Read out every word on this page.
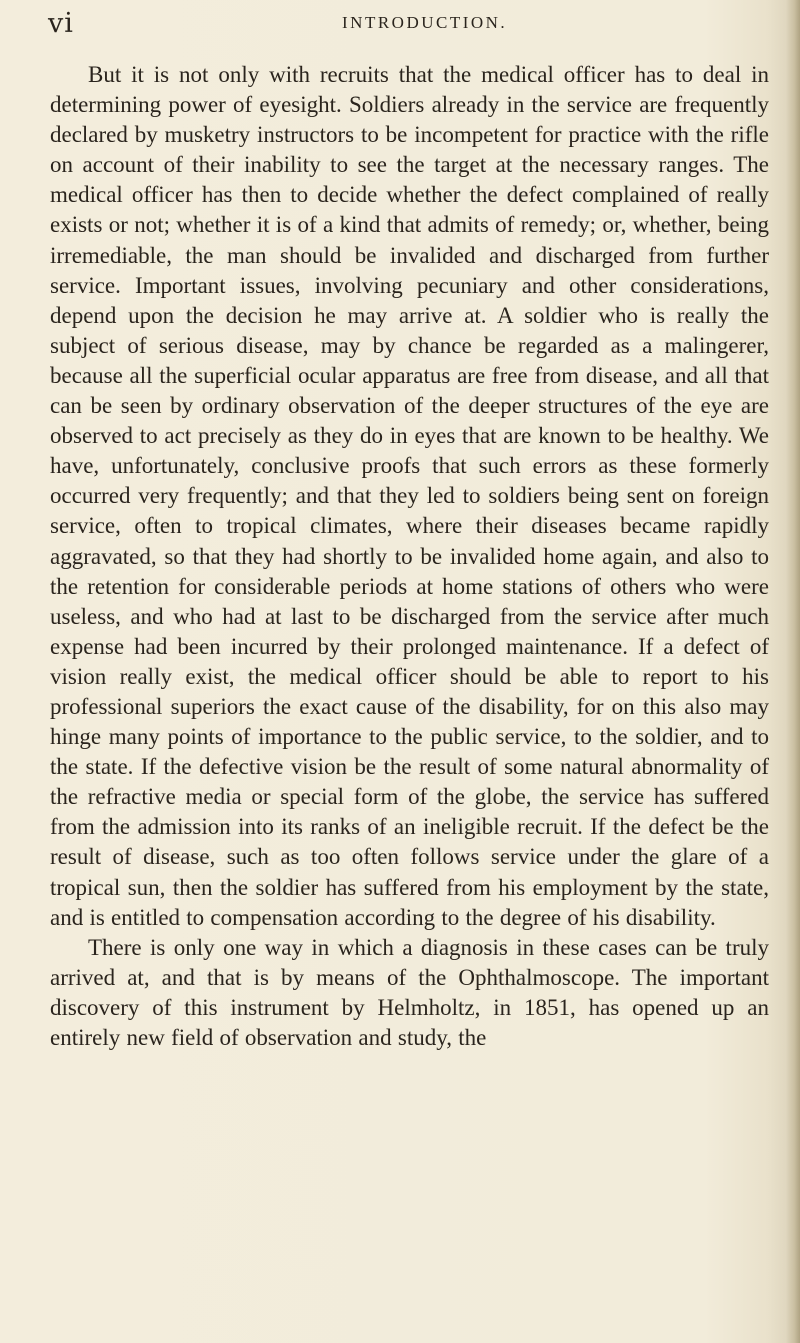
vi	INTRODUCTION.

But it is not only with recruits that the medical officer has to deal in determining power of eyesight. Soldiers already in the service are frequently declared by musketry instructors to be incompetent for practice with the rifle on account of their inability to see the target at the necessary ranges. The medical officer has then to decide whether the defect complained of really exists or not; whether it is of a kind that admits of remedy; or, whether, being irremediable, the man should be invalided and discharged from further service. Important issues, involving pecuniary and other considerations, depend upon the decision he may arrive at. A soldier who is really the subject of serious disease, may by chance be regarded as a malingerer, because all the superficial ocular apparatus are free from disease, and all that can be seen by ordinary observation of the deeper structures of the eye are observed to act precisely as they do in eyes that are known to be healthy. We have, unfortunately, conclusive proofs that such errors as these formerly occurred very frequently; and that they led to soldiers being sent on foreign service, often to tropical climates, where their diseases became rapidly aggravated, so that they had shortly to be invalided home again, and also to the retention for considerable periods at home stations of others who were useless, and who had at last to be discharged from the service after much expense had been incurred by their prolonged maintenance. If a defect of vision really exist, the medical officer should be able to report to his professional superiors the exact cause of the disability, for on this also may hinge many points of importance to the public service, to the soldier, and to the state. If the defective vision be the result of some natural abnormality of the refractive media or special form of the globe, the service has suffered from the admission into its ranks of an ineligible recruit. If the defect be the result of disease, such as too often follows service under the glare of a tropical sun, then the soldier has suffered from his employment by the state, and is entitled to compensation according to the degree of his disability.

There is only one way in which a diagnosis in these cases can be truly arrived at, and that is by means of the Ophthalmoscope. The important discovery of this instrument by Helmholtz, in 1851, has opened up an entirely new field of observation and study, the
